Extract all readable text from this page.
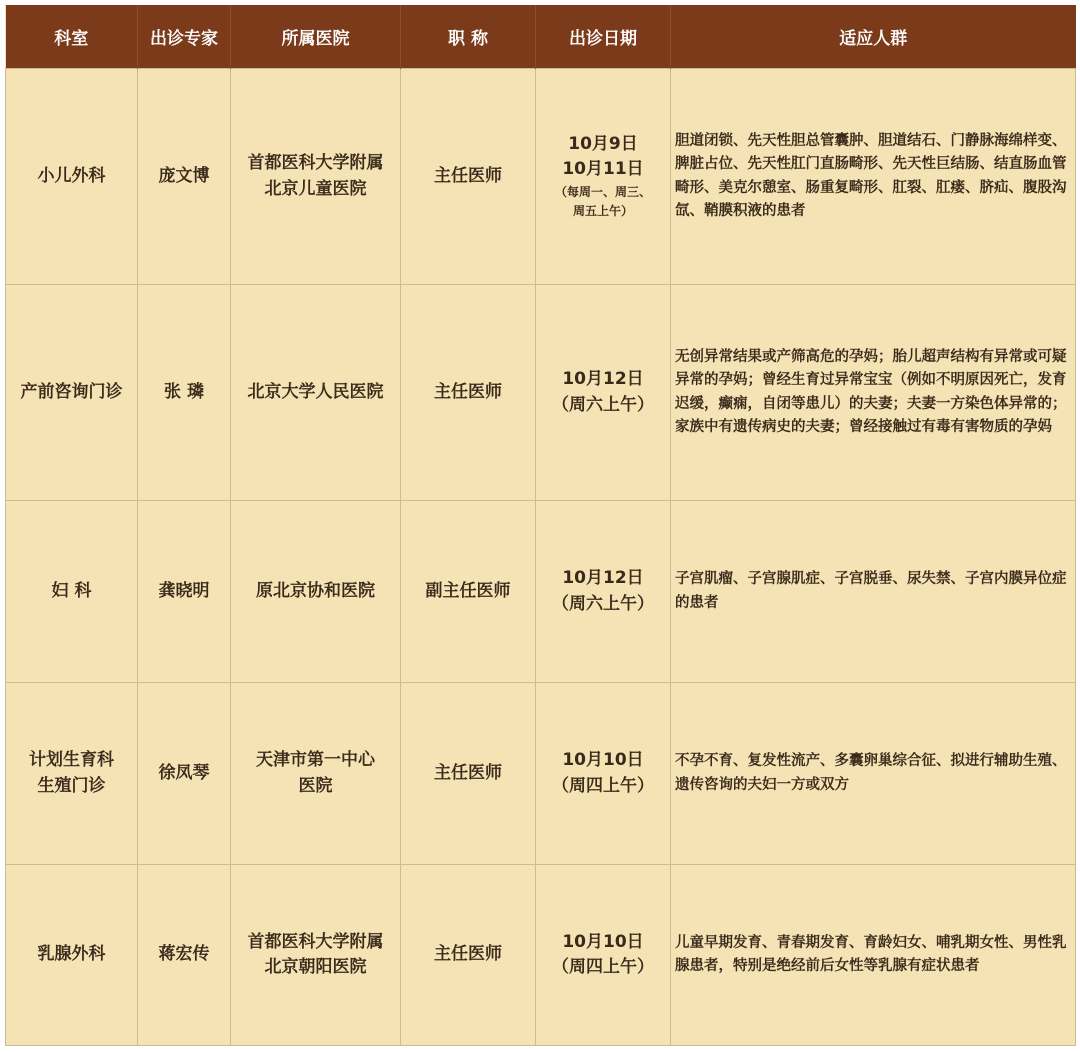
科室	出诊专家	所属医院	职 称	出诊日期	适应人群

小儿外科	庞文博	首都医科大学附属
北京儿童医院	主任医师	10月9日
10月11日
（每周一、周三、
周五上午）	胆道闭锁、先天性胆总管囊肿、胆道结石、门静脉海绵样变、脾脏占位、先天性肛门直肠畸形、先天性巨结肠、结直肠血管畸形、美克尔憩室、肠重复畸形、肛裂、肛瘘、脐疝、腹股沟氙、鞘膜积液的患者

产前咨询门诊	张 璘	北京大学人民医院	主任医师	10月12日
（周六上午）	无创异常结果或产筛高危的孕妈；胎儿超声结构有异常或可疑异常的孕妈；曾经生育过异常宝宝（例如不明原因死亡，发育迟缓，癫痫，自闭等患儿）的夫妻；夫妻一方染色体异常的；家族中有遗传病史的夫妻；曾经接触过有毒有害物质的孕妈

妇 科	龚晓明	原北京协和医院	副主任医师	10月12日
（周六上午）	子宫肌瘤、子宫腺肌症、子宫脱垂、尿失禁、子宫内膜异位症的患者

计划生育科
生殖门诊	徐凤琴	天津市第一中心
医院	主任医师	10月10日
（周四上午）	不孕不育、复发性流产、多囊卵巢综合征、拟进行辅助生殖、遗传咨询的夫妇一方或双方

乳腺外科	蒋宏传	首都医科大学附属
北京朝阳医院	主任医师	10月10日
（周四上午）	儿童早期发育、青春期发育、育龄妇女、哺乳期女性、男性乳腺患者，特别是绝经前后女性等乳腺有症状患者
